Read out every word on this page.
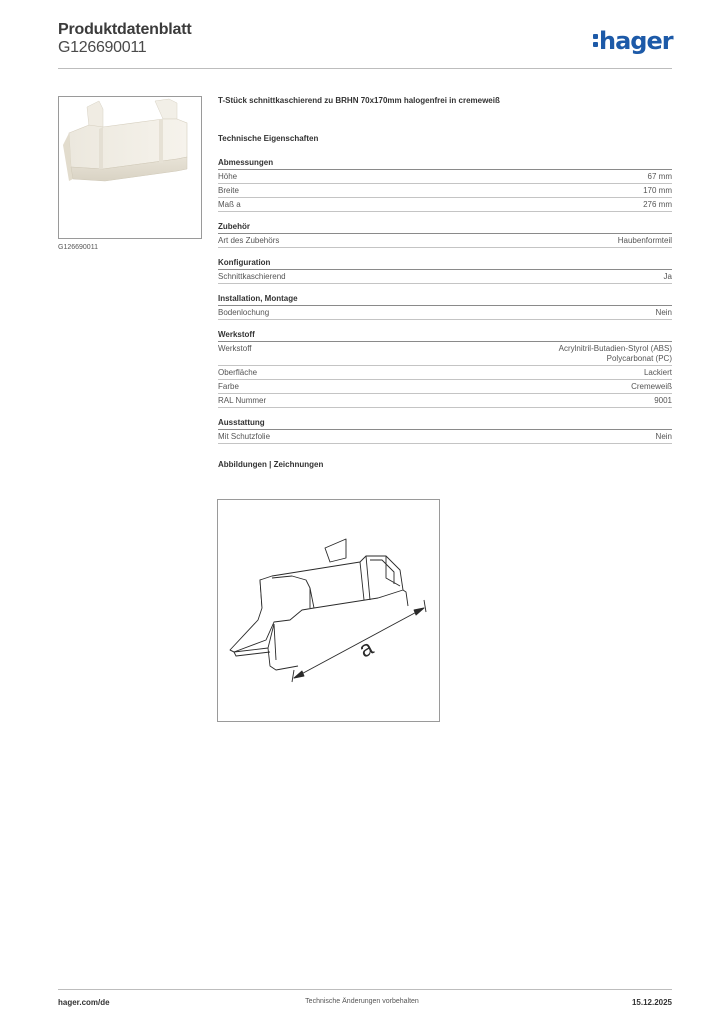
Produktdatenblatt
G126690011	hager
G126690011
T-Stück schnittkaschierend zu BRHN 70x170mm halogenfrei in cremeweiß
Technische Eigenschaften
Abmessungen
Höhe	67 mm
Breite	170 mm
Maß a	276 mm
Zubehör
Art des Zubehörs	Haubenformteil
Konfiguration
Schnittkaschierend	Ja
Installation, Montage
Bodenlochung	Nein
Werkstoff
Werkstoff	Acrylnitril-Butadien-Styrol (ABS)
Polycarbonat (PC)
Oberfläche	Lackiert
Farbe	Cremeweiß
RAL Nummer	9001
Ausstattung
Mit Schutzfolie	Nein
Abbildungen | Zeichnungen
a
hager.com/de	Technische Änderungen vorbehalten	15.12.2025
